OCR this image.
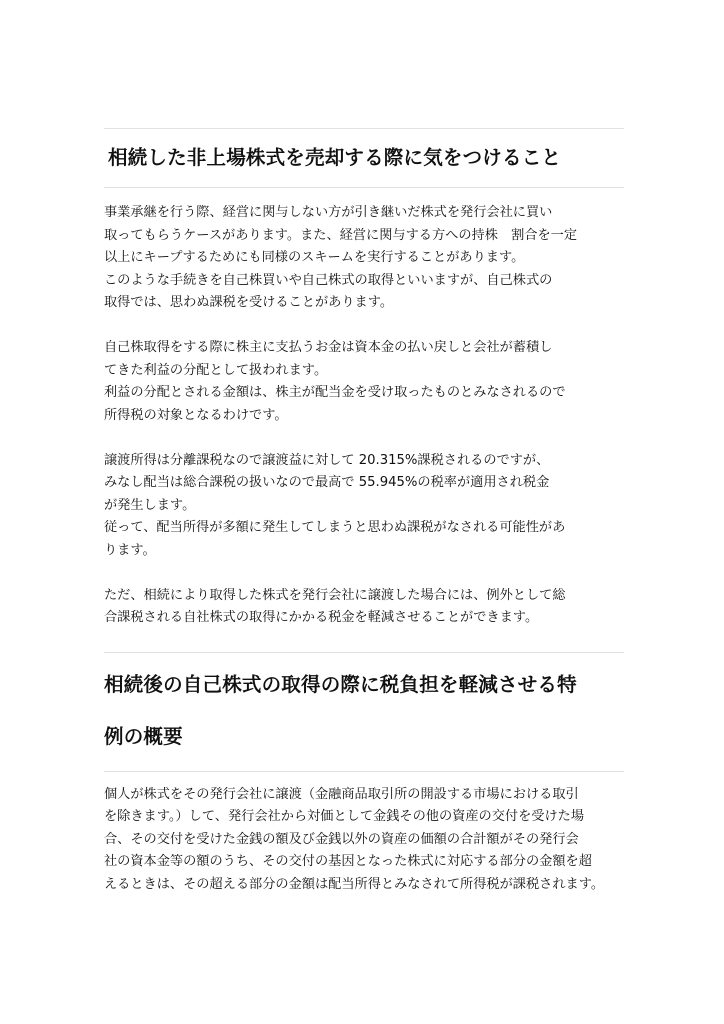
相続した非上場株式を売却する際に気をつけること

事業承継を行う際、経営に関与しない方が引き継いだ株式を発行会社に買い
取ってもらうケースがあります。また、経営に関与する方への持株　割合を一定
以上にキープするためにも同様のスキームを実行することがあります。
このような手続きを自己株買いや自己株式の取得といいますが、自己株式の
取得では、思わぬ課税を受けることがあります。

自己株取得をする際に株主に支払うお金は資本金の払い戻しと会社が蓄積し
てきた利益の分配として扱われます。
利益の分配とされる金額は、株主が配当金を受け取ったものとみなされるので
所得税の対象となるわけです。

譲渡所得は分離課税なので譲渡益に対して 20.315%課税されるのですが、
みなし配当は総合課税の扱いなので最高で 55.945%の税率が適用され税金
が発生します。
従って、配当所得が多額に発生してしまうと思わぬ課税がなされる可能性があ
ります。

ただ、相続により取得した株式を発行会社に譲渡した場合には、例外として総
合課税される自社株式の取得にかかる税金を軽減させることができます。

相続後の自己株式の取得の際に税負担を軽減させる特
例の概要

個人が株式をその発行会社に譲渡（金融商品取引所の開設する市場における取引
を除きます。）して、発行会社から対価として金銭その他の資産の交付を受けた場
合、その交付を受けた金銭の額及び金銭以外の資産の価額の合計額がその発行会
社の資本金等の額のうち、その交付の基因となった株式に対応する部分の金額を超
えるときは、その超える部分の金額は配当所得とみなされて所得税が課税されます。
